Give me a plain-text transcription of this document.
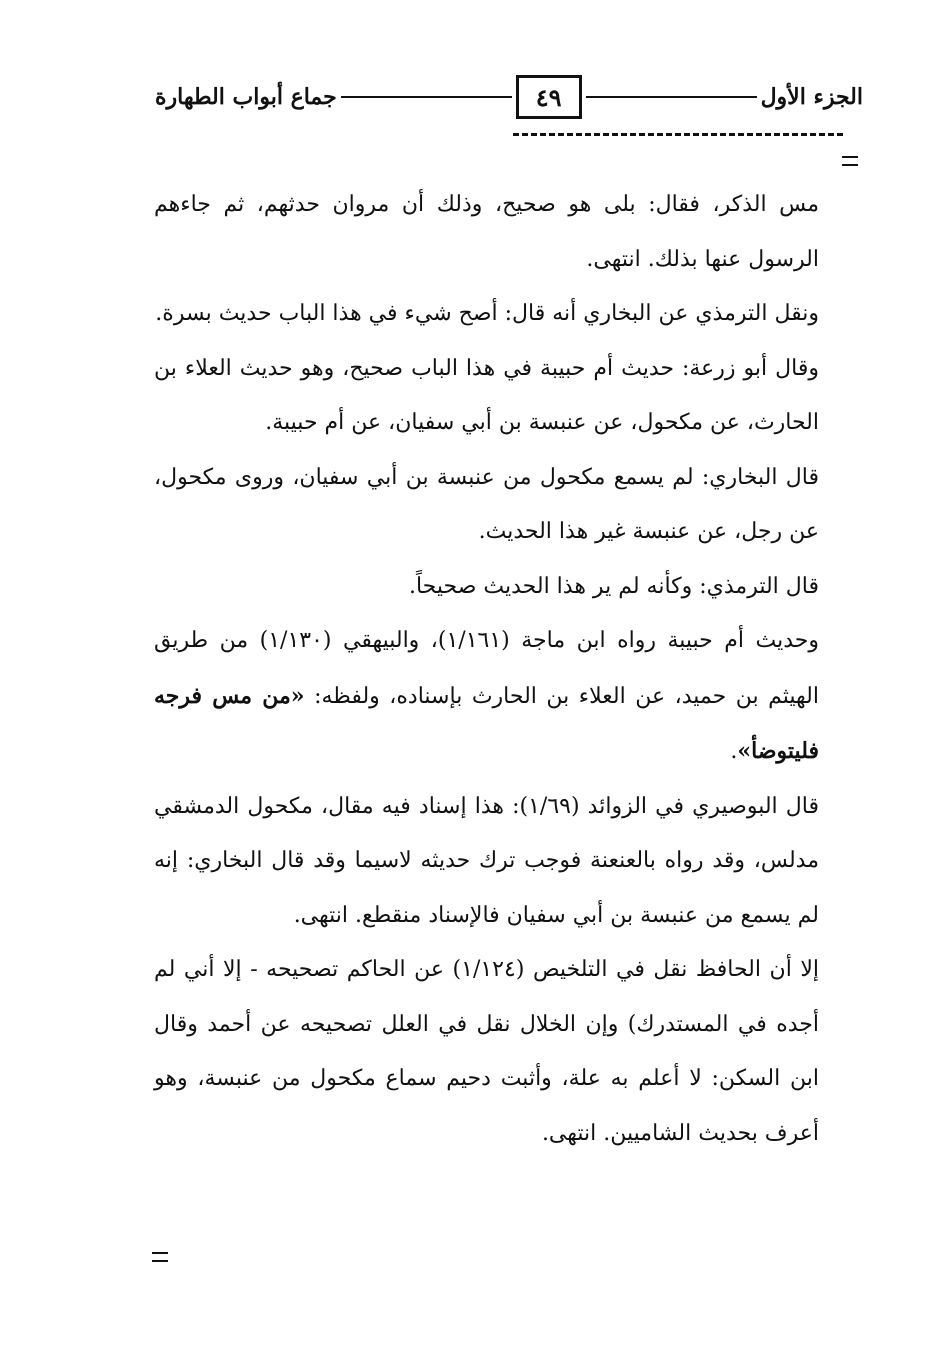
الجزء الأول
٤٩
جماع أبواب الطهارة

مس الذكر، فقال: بلى هو صحيح، وذلك أن مروان حدثهم، ثم جاءهم الرسول عنها بذلك. انتهى.

ونقل الترمذي عن البخاري أنه قال: أصح شيء في هذا الباب حديث بسرة.

وقال أبو زرعة: حديث أم حبيبة في هذا الباب صحيح، وهو حديث العلاء بن الحارث، عن مكحول، عن عنبسة بن أبي سفيان، عن أم حبيبة.

قال البخاري: لم يسمع مكحول من عنبسة بن أبي سفيان، وروى مكحول، عن رجل، عن عنبسة غير هذا الحديث.

قال الترمذي: وكأنه لم ير هذا الحديث صحيحاً.

وحديث أم حبيبة رواه ابن ماجة (١/١٦١)، والبيهقي (١/١٣٠) من طريق الهيثم بن حميد، عن العلاء بن الحارث بإسناده، ولفظه: «من مس فرجه فليتوضأ».

قال البوصيري في الزوائد (١/٦٩): هذا إسناد فيه مقال، مكحول الدمشقي مدلس، وقد رواه بالعنعنة فوجب ترك حديثه لاسيما وقد قال البخاري: إنه لم يسمع من عنبسة بن أبي سفيان فالإسناد منقطع. انتهى.

إلا أن الحافظ نقل في التلخيص (١/١٢٤) عن الحاكم تصحيحه - إلا أني لم أجده في المستدرك) وإن الخلال نقل في العلل تصحيحه عن أحمد وقال ابن السكن: لا أعلم به علة، وأثبت دحيم سماع مكحول من عنبسة، وهو أعرف بحديث الشاميين. انتهى.
